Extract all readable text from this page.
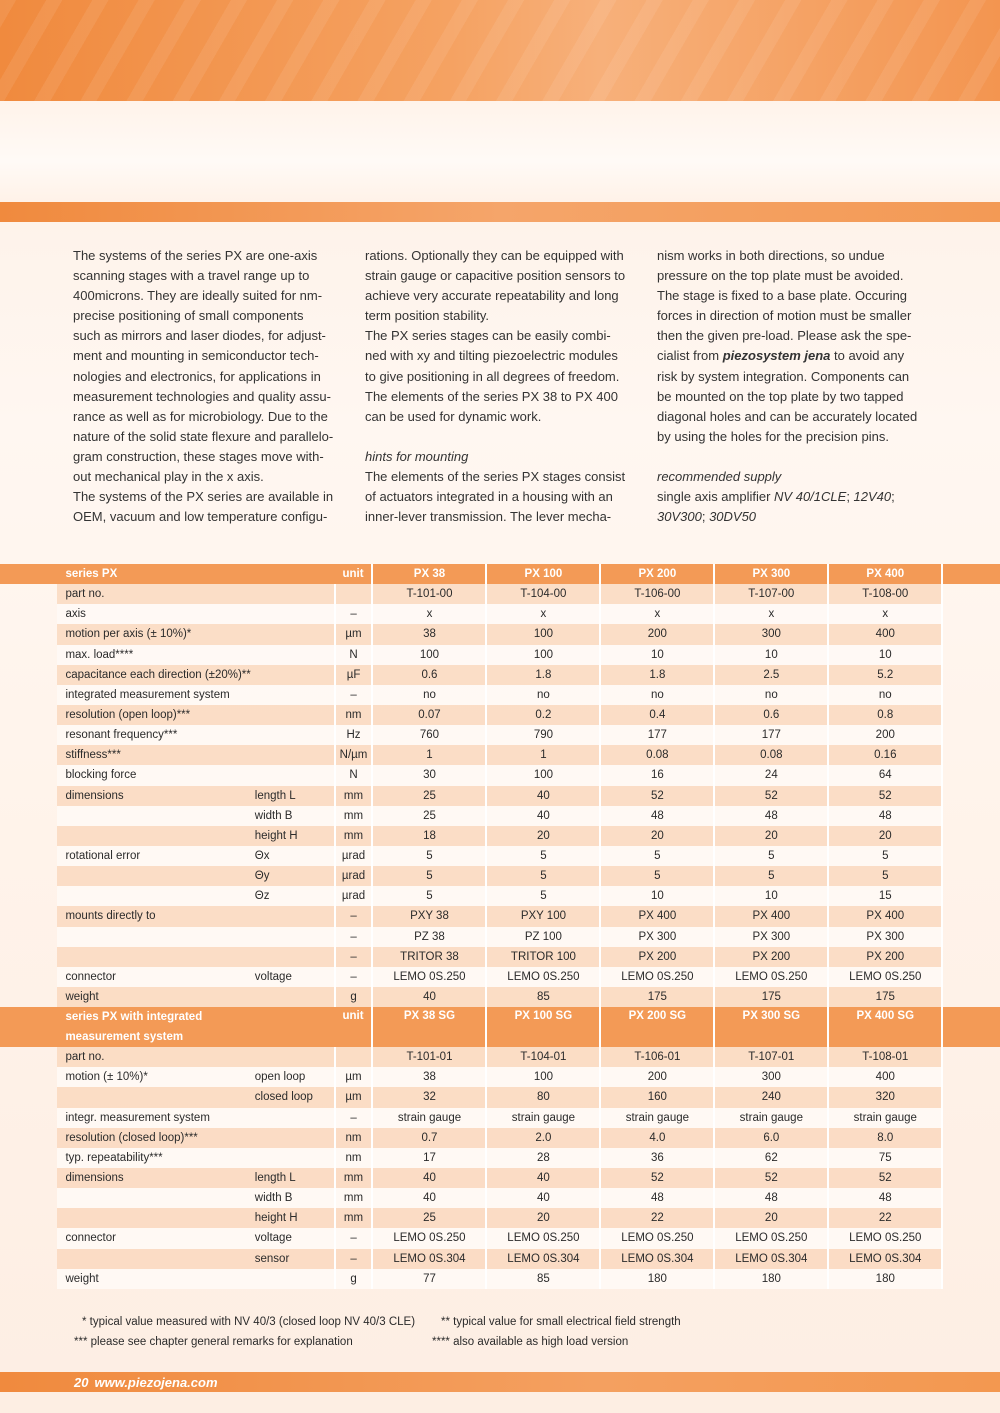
The systems of the series PX are one-axis

scanning stages with a travel range up to

400microns. They are ideally suited for nm-

precise positioning of small components

such as mirrors and laser diodes, for adjust-

ment and mounting in semiconductor tech-

nologies and electronics, for applications in

measurement technologies and quality assu-

rance as well as for microbiology. Due to the

nature of the solid state flexure and parallelo-

gram construction, these stages move with-

out mechanical play in the x axis.

The systems of the PX series are available in

OEM, vacuum and low temperature configu-

rations. Optionally they can be equipped with

strain gauge or capacitive position sensors to

achieve very accurate repeatability and long

term position stability.

The PX series stages can be easily combi-

ned with xy and tilting piezoelectric modules

to give positioning in all degrees of freedom.

The elements of the series PX 38 to PX 400

can be used for dynamic work.

hints for mounting

The elements of the series PX stages consist

of actuators integrated in a housing with an

inner-lever transmission. The lever mecha-

nism works in both directions, so undue

pressure on the top plate must be avoided.

The stage is fixed to a base plate. Occuring

forces in direction of motion must be smaller

then the given pre-load. Please ask the spe-

cialist from piezosystem jena to avoid any

risk by system integration. Components can

be mounted on the top plate by two tapped

diagonal holes and can be accurately located

by using the holes for the precision pins.

recommended supply

single axis amplifier NV 40/1CLE; 12V40;

30V300; 30DV50

	series PX		unit	PX 38	PX 100	PX 200	PX 300	PX 400	
	part no.			T-101-00	T-104-00	T-106-00	T-107-00	T-108-00	
	axis		–	x	x	x	x	x	
	motion per axis (± 10%)*		µm	38	100	200	300	400	
	max. load****		N	100	100	10	10	10	
	capacitance each direction (±20%)**		µF	0.6	1.8	1.8	2.5	5.2	
	integrated measurement system		–	no	no	no	no	no	
	resolution (open loop)***		nm	0.07	0.2	0.4	0.6	0.8	
	resonant frequency***		Hz	760	790	177	177	200	
	stiffness***		N/µm	1	1	0.08	0.08	0.16	
	blocking force		N	30	100	16	24	64	
	dimensions	length L	mm	25	40	52	52	52	
		width B	mm	25	40	48	48	48	
		height H	mm	18	20	20	20	20	
	rotational error	Θx	µrad	5	5	5	5	5	
		Θy	µrad	5	5	5	5	5	
		Θz	µrad	5	5	10	10	15	
	mounts directly to		–	PXY 38	PXY 100	PX 400	PX 400	PX 400	
			–	PZ 38	PZ 100	PX 300	PX 300	PX 300	
			–	TRITOR 38	TRITOR 100	PX 200	PX 200	PX 200	
	connector	voltage	–	LEMO 0S.250	LEMO 0S.250	LEMO 0S.250	LEMO 0S.250	LEMO 0S.250	
	weight		g	40	85	175	175	175	

	series PX with integrated
measurement system		unit	PX 38 SG	PX 100 SG	PX 200 SG	PX 300 SG	PX 400 SG	
	part no.			T-101-01	T-104-01	T-106-01	T-107-01	T-108-01	
	motion (± 10%)*	open loop	µm	38	100	200	300	400	
		closed loop	µm	32	80	160	240	320	
	integr. measurement system		–	strain gauge	strain gauge	strain gauge	strain gauge	strain gauge	
	resolution (closed loop)***		nm	0.7	2.0	4.0	6.0	8.0	
	typ. repeatability***		nm	17	28	36	62	75	
	dimensions	length L	mm	40	40	52	52	52	
		width B	mm	40	40	48	48	48	
		height H	mm	25	20	22	20	22	
	connector	voltage	–	LEMO 0S.250	LEMO 0S.250	LEMO 0S.250	LEMO 0S.250	LEMO 0S.250	
		sensor	–	LEMO 0S.304	LEMO 0S.304	LEMO 0S.304	LEMO 0S.304	LEMO 0S.304	
	weight		g	77	85	180	180	180	
* typical value measured with NV 40/3 (closed loop NV 40/3 CLE) ** typical value for small electrical field strength
*** please see chapter general remarks for explanation	**** also available as high load version
20 www.piezojena.com
